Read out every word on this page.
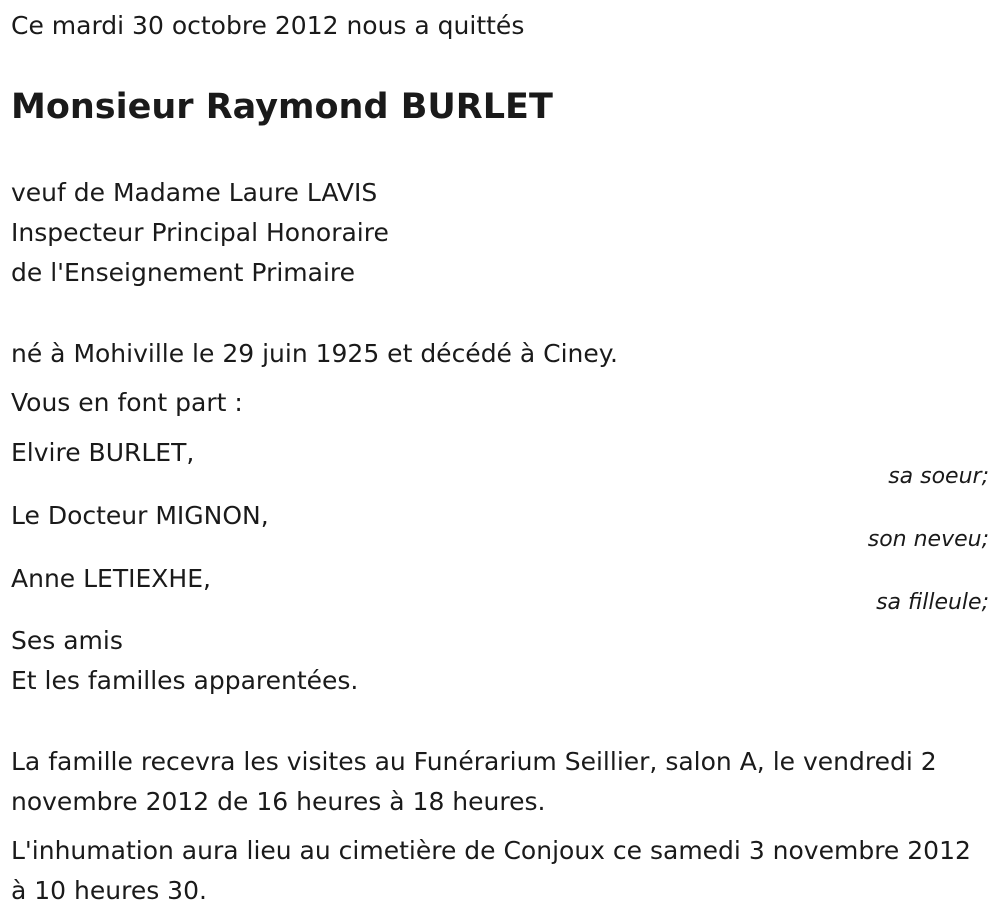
Ce mardi 30 octobre 2012 nous a quittés
Monsieur Raymond BURLET
veuf de Madame Laure LAVIS
Inspecteur Principal Honoraire
de l'Enseignement Primaire
né à Mohiville le 29 juin 1925 et décédé à Ciney.
Vous en font part :
Elvire BURLET,
sa soeur;
Le Docteur MIGNON,
son neveu;
Anne LETIEXHE,
sa filleule;
Ses amis
Et les familles apparentées.
La famille recevra les visites au Funérarium Seillier, salon A, le vendredi 2 novembre 2012 de 16 heures à 18 heures.
L'inhumation aura lieu au cimetière de Conjoux ce samedi 3 novembre 2012 à 10 heures 30.
